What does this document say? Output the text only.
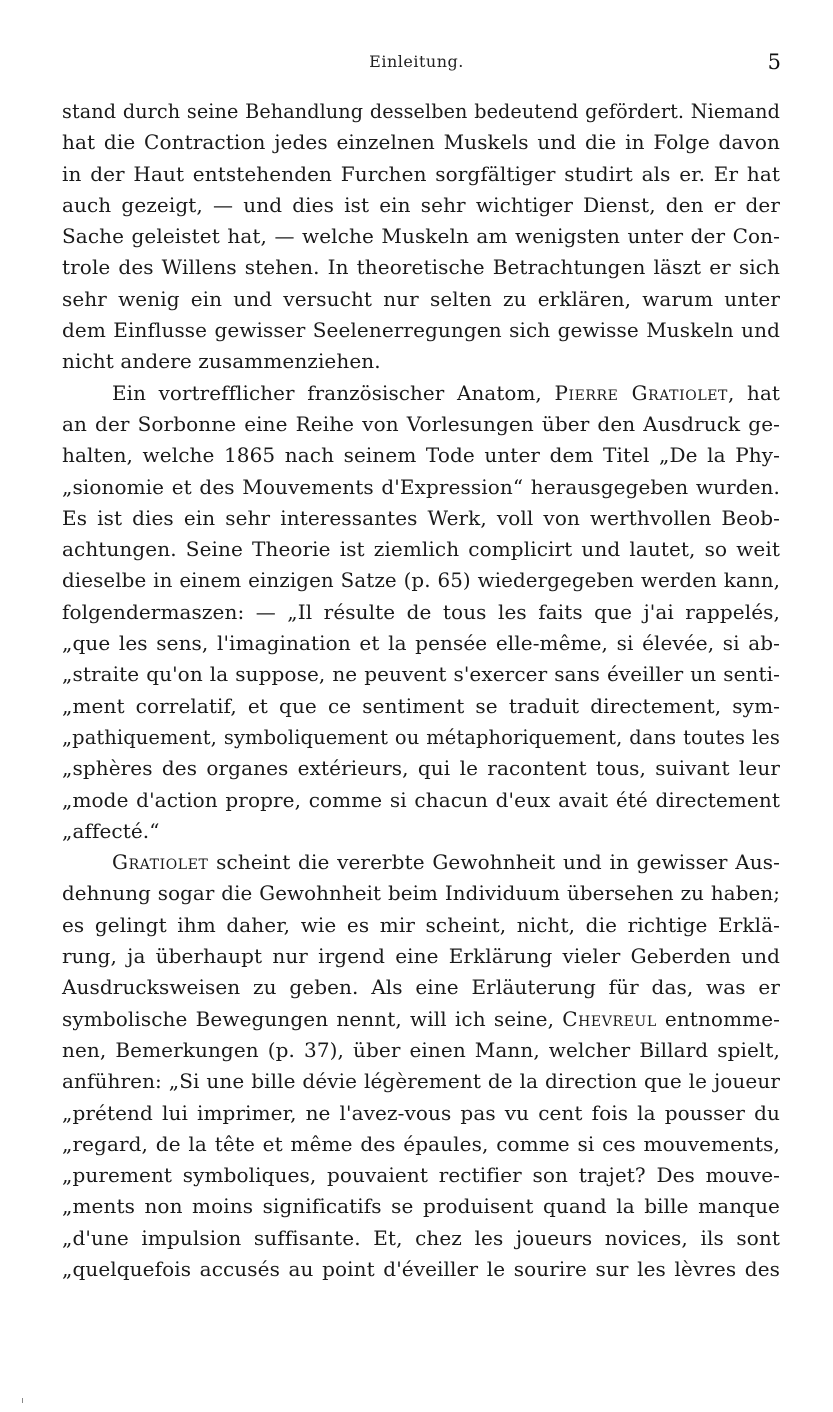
Einleitung.	5
stand durch seine Behandlung desselben bedeutend gefördert. Niemand
hat die Contraction jedes einzelnen Muskels und die in Folge davon
in der Haut entstehenden Furchen sorgfältiger studirt als er. Er hat
auch gezeigt, — und dies ist ein sehr wichtiger Dienst, den er der
Sache geleistet hat, — welche Muskeln am wenigsten unter der Con-
trole des Willens stehen. In theoretische Betrachtungen läszt er sich
sehr wenig ein und versucht nur selten zu erklären, warum unter
dem Einflusse gewisser Seelenerregungen sich gewisse Muskeln und
nicht andere zusammenziehen.
Ein vortrefflicher französischer Anatom, Pierre Gratiolet, hat
an der Sorbonne eine Reihe von Vorlesungen über den Ausdruck ge-
halten, welche 1865 nach seinem Tode unter dem Titel „De la Phy-
„sionomie et des Mouvements d'Expression“ herausgegeben wurden.
Es ist dies ein sehr interessantes Werk, voll von werthvollen Beob-
achtungen. Seine Theorie ist ziemlich complicirt und lautet, so weit
dieselbe in einem einzigen Satze (p. 65) wiedergegeben werden kann,
folgendermaszen: — „Il résulte de tous les faits que j'ai rappelés,
„que les sens, l'imagination et la pensée elle-même, si élevée, si ab-
„straite qu'on la suppose, ne peuvent s'exercer sans éveiller un senti-
„ment correlatif, et que ce sentiment se traduit directement, sym-
„pathiquement, symboliquement ou métaphoriquement, dans toutes les
„sphères des organes extérieurs, qui le racontent tous, suivant leur
„mode d'action propre, comme si chacun d'eux avait été directement
„affecté.“
Gratiolet scheint die vererbte Gewohnheit und in gewisser Aus-
dehnung sogar die Gewohnheit beim Individuum übersehen zu haben;
es gelingt ihm daher, wie es mir scheint, nicht, die richtige Erklä-
rung, ja überhaupt nur irgend eine Erklärung vieler Geberden und
Ausdrucksweisen zu geben. Als eine Erläuterung für das, was er
symbolische Bewegungen nennt, will ich seine, Chevreul entnomme-
nen, Bemerkungen (p. 37), über einen Mann, welcher Billard spielt,
anführen: „Si une bille dévie légèrement de la direction que le joueur
„prétend lui imprimer, ne l'avez-vous pas vu cent fois la pousser du
„regard, de la tête et même des épaules, comme si ces mouvements,
„purement symboliques, pouvaient rectifier son trajet? Des mouve-
„ments non moins significatifs se produisent quand la bille manque
„d'une impulsion suffisante. Et, chez les joueurs novices, ils sont
„quelquefois accusés au point d'éveiller le sourire sur les lèvres des
